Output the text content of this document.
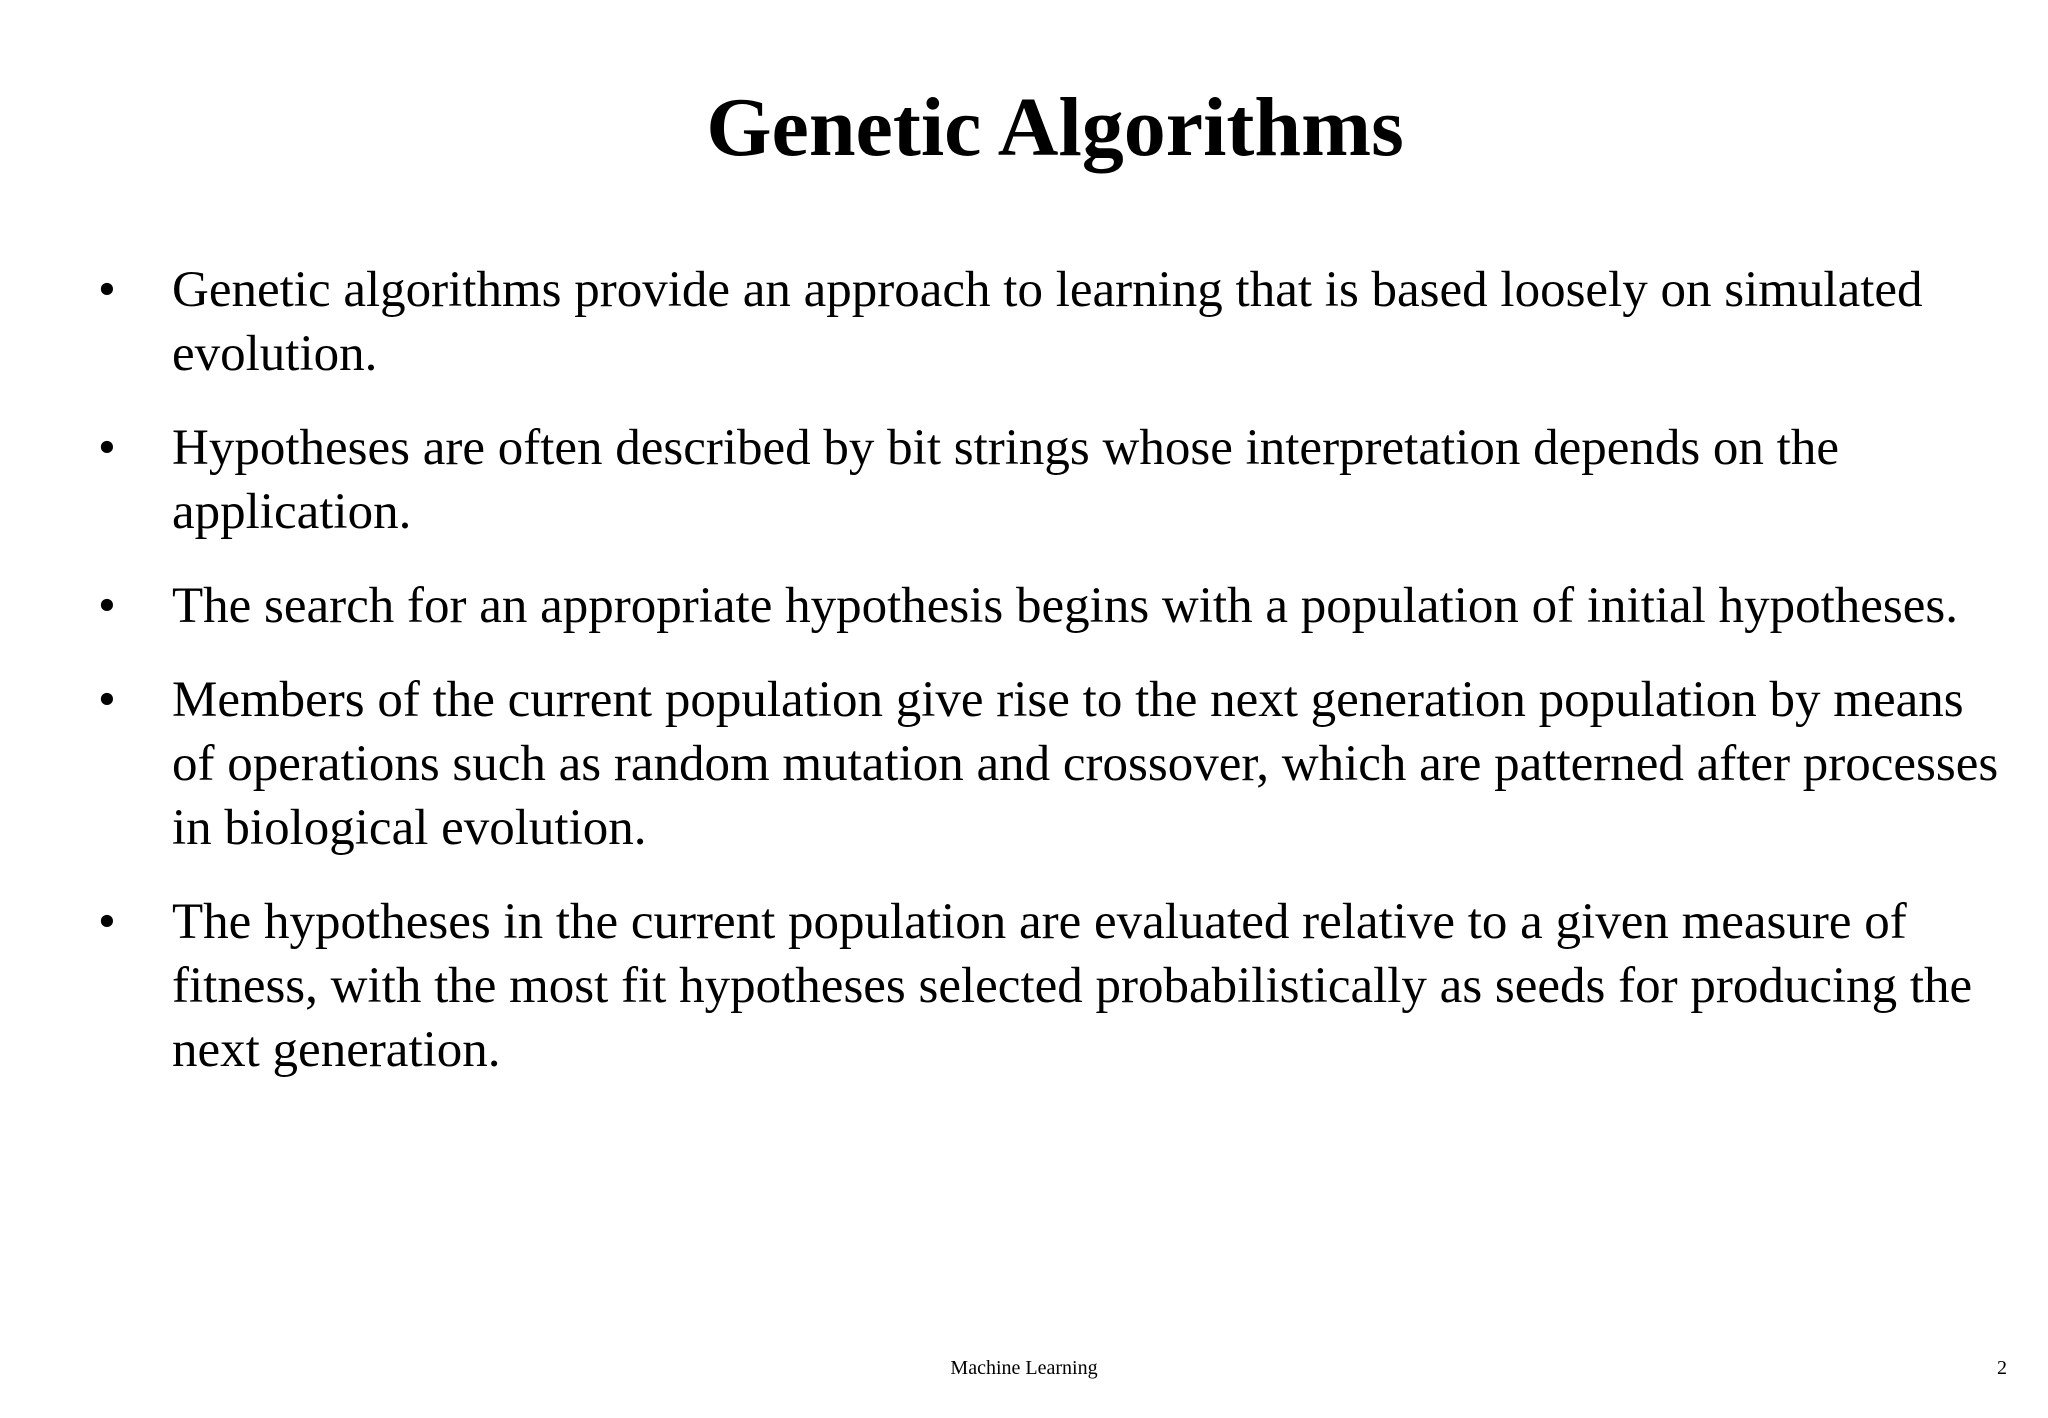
Genetic Algorithms
• Genetic algorithms provide an approach to learning that is based loosely on simulated evolution.
• Hypotheses are often described by bit strings whose interpretation depends on the application.
• The search for an appropriate hypothesis begins with a population of initial hypotheses.
• Members of the current population give rise to the next generation population by means of operations such as random mutation and crossover, which are patterned after processes in biological evolution.
• The hypotheses in the current population are evaluated relative to a given measure of fitness, with the most fit hypotheses selected probabilistically as seeds for producing the next generation.
Machine Learning	2
